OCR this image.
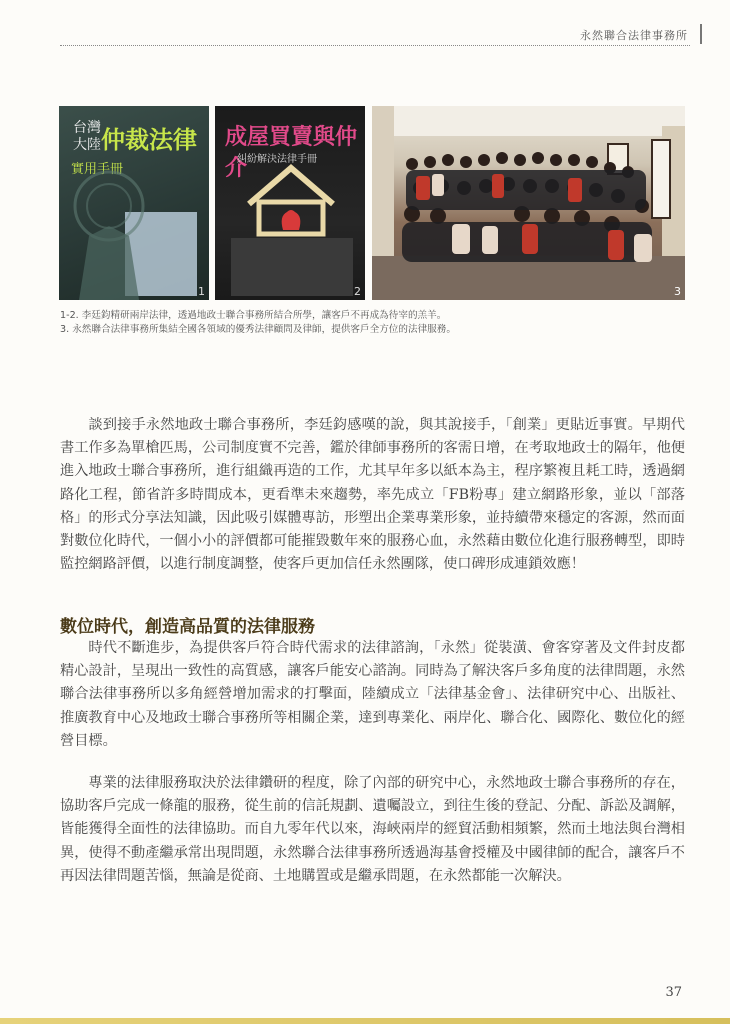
永然聯合法律事務所
台灣
大陸仲裁法律
實用手冊
1
成屋買賣與仲介
糾紛解決法律手冊
2	3
1-2. 李廷鈞精研兩岸法律，透過地政士聯合事務所結合所學，讓客戶不再成為待宰的羔羊。
3. 永然聯合法律事務所集結全國各領域的優秀法律顧問及律師，提供客戶全方位的法律服務。

談到接手永然地政士聯合事務所，李廷鈞感嘆的說，與其說接手，「創業」更貼近事實。早期代書工作多為單槍匹馬，公司制度實不完善，鑑於律師事務所的客需日增，在考取地政士的隔年，他便進入地政士聯合事務所，進行組織再造的工作，尤其早年多以紙本為主，程序繁複且耗工時，透過網路化工程，節省許多時間成本，更看準未來趨勢，率先成立「FB粉專」建立網路形象，並以「部落格」的形式分享法知識，因此吸引媒體專訪，形塑出企業專業形象，並持續帶來穩定的客源，然而面對數位化時代，一個小小的評價都可能摧毀數年來的服務心血，永然藉由數位化進行服務轉型，即時監控網路評價，以進行制度調整，使客戶更加信任永然團隊，使口碑形成連鎖效應！

數位時代，創造高品質的法律服務

時代不斷進步，為提供客戶符合時代需求的法律諮詢，「永然」從裝潢、會客穿著及文件封皮都精心設計，呈現出一致性的高質感，讓客戶能安心諮詢。同時為了解決客戶多角度的法律問題，永然聯合法律事務所以多角經營增加需求的打擊面，陸續成立「法律基金會」、法律研究中心、出版社、推廣教育中心及地政士聯合事務所等相關企業，達到專業化、兩岸化、聯合化、國際化、數位化的經營目標。

專業的法律服務取決於法律鑽研的程度，除了內部的研究中心，永然地政士聯合事務所的存在，協助客戶完成一條龍的服務，從生前的信託規劃、遺囑設立，到往生後的登記、分配、訴訟及調解，皆能獲得全面性的法律協助。而自九零年代以來，海峽兩岸的經貿活動相頻繁，然而土地法與台灣相異，使得不動產繼承常出現問題，永然聯合法律事務所透過海基會授權及中國律師的配合，讓客戶不再因法律問題苦惱，無論是從商、土地購置或是繼承問題，在永然都能一次解決。

37
